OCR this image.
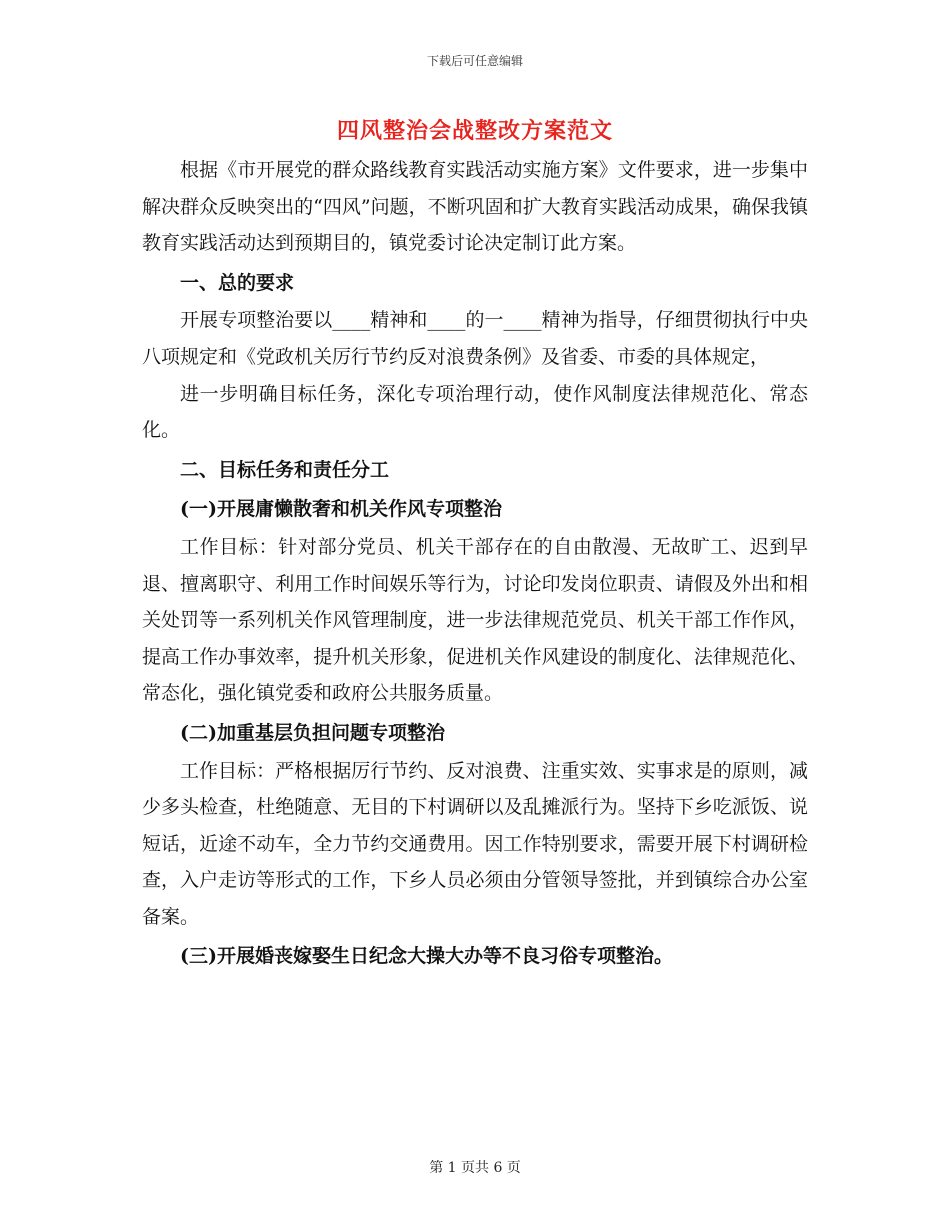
下载后可任意编辑
四风整治会战整改方案范文

根据《市开展党的群众路线教育实践活动实施方案》文件要求，进一步集中解决群众反映突出的“四风”问题，不断巩固和扩大教育实践活动成果，确保我镇教育实践活动达到预期目的，镇党委讨论决定制订此方案。

一、总的要求

开展专项整治要以____精神和____的一____精神为指导，仔细贯彻执行中央八项规定和《党政机关厉行节约反对浪费条例》及省委、市委的具体规定，

进一步明确目标任务，深化专项治理行动，使作风制度法律规范化、常态化。

二、目标任务和责任分工

(一)开展庸懒散奢和机关作风专项整治

工作目标：针对部分党员、机关干部存在的自由散漫、无故旷工、迟到早退、擅离职守、利用工作时间娱乐等行为，讨论印发岗位职责、请假及外出和相关处罚等一系列机关作风管理制度，进一步法律规范党员、机关干部工作作风，提高工作办事效率，提升机关形象，促进机关作风建设的制度化、法律规范化、常态化，强化镇党委和政府公共服务质量。

(二)加重基层负担问题专项整治

工作目标：严格根据厉行节约、反对浪费、注重实效、实事求是的原则，减少多头检查，杜绝随意、无目的下村调研以及乱摊派行为。坚持下乡吃派饭、说短话，近途不动车，全力节约交通费用。因工作特别要求，需要开展下村调研检查，入户走访等形式的工作，下乡人员必须由分管领导签批，并到镇综合办公室备案。

(三)开展婚丧嫁娶生日纪念大操大办等不良习俗专项整治。

第 1 页共 6 页
